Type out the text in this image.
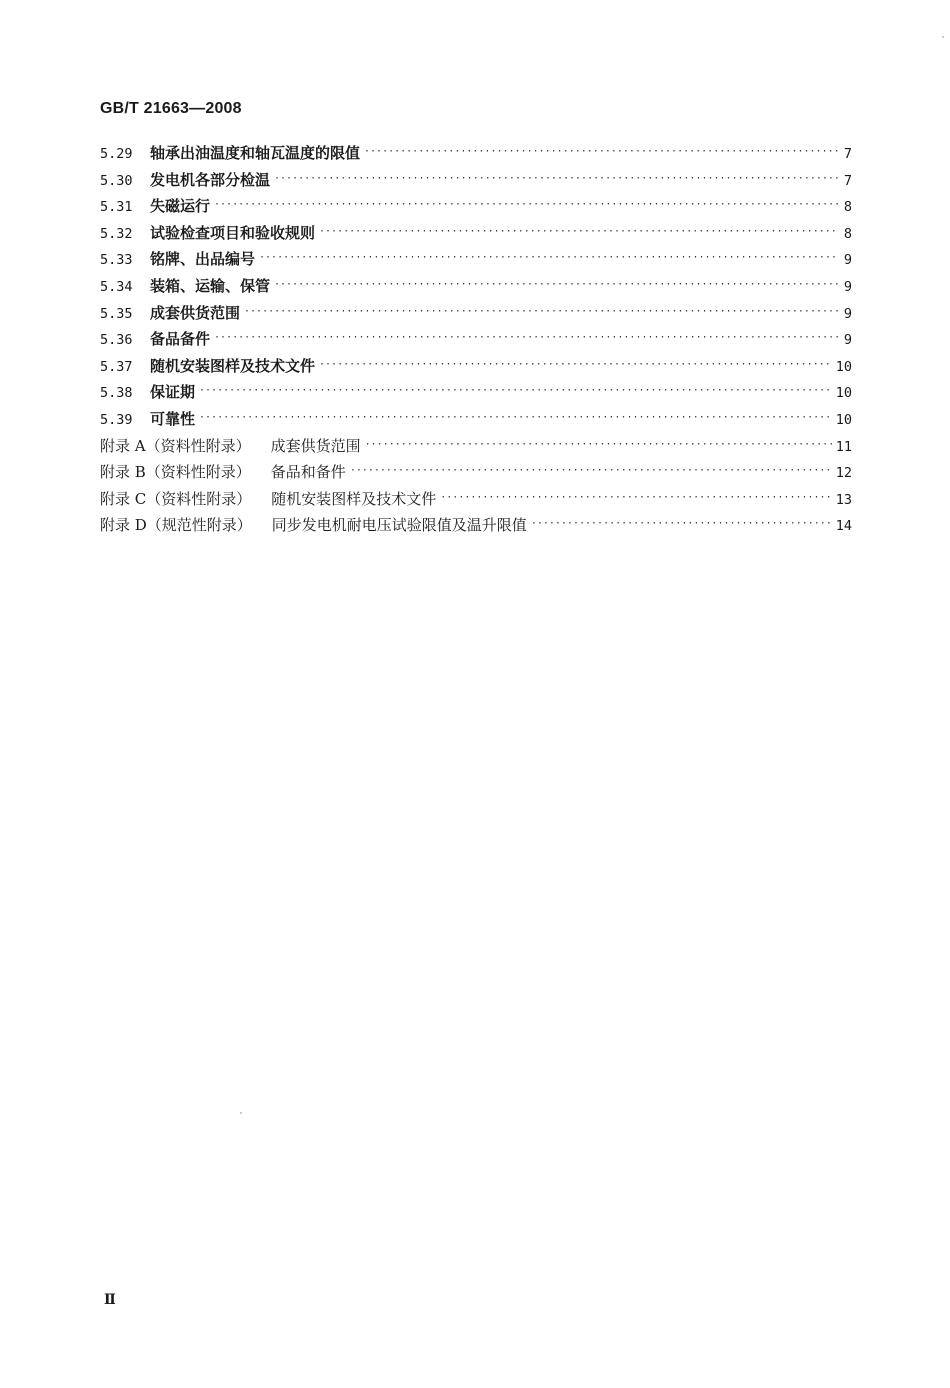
GB/T 21663—2008
5.29	轴承出油温度和轴瓦温度的限值 ·····	7
5.30	发电机各部分检温 ·····	7
5.31	失磁运行 ·····	8
5.32	试验检查项目和验收规则 ·····	8
5.33	铭牌、出品编号 ·····	9
5.34	装箱、运输、保管 ·····	9
5.35	成套供货范围 ·····	9
5.36	备品备件 ·····	9
5.37	随机安装图样及技术文件 ·····	10
5.38	保证期 ·····	10
5.39	可靠性 ·····	10
附录 A（资料性附录） 成套供货范围 ·····	11
附录 B（资料性附录） 备品和备件 ·····	12
附录 C（资料性附录） 随机安装图样及技术文件 ·····	13
附录 D（规范性附录） 同步发电机耐电压试验限值及温升限值 ·····	14
Ⅱ
